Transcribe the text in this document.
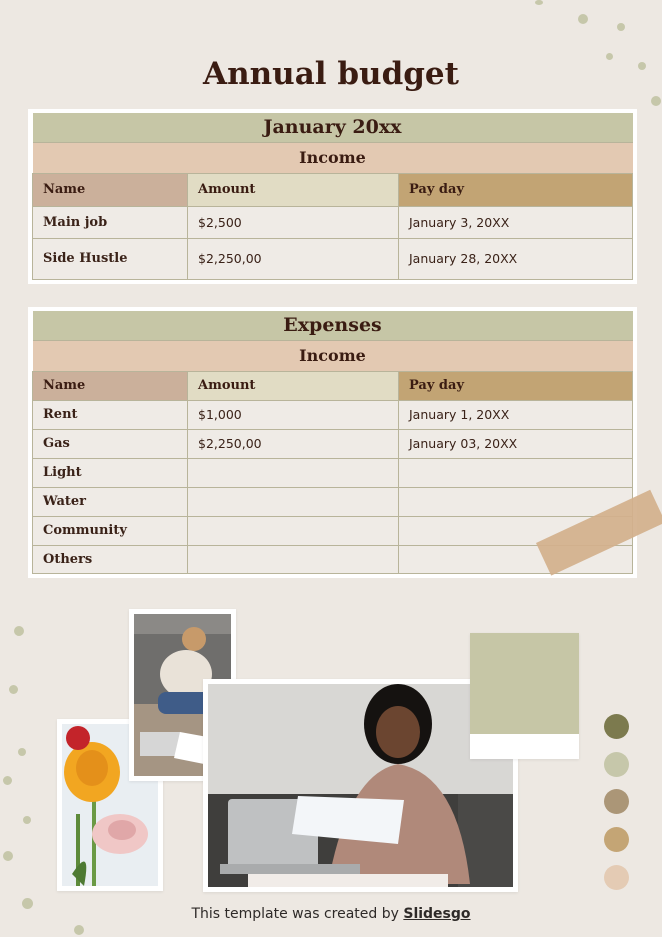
Annual budget
January 20xx		
Income		
Name	Amount	Pay day
Main job	$2,500	January 3, 20XX
Side Hustle	$2,250,00	January 28, 20XX
Expenses		
Income		
Name	Amount	Pay day
Rent	$1,000	January 1, 20XX
Gas	$2,250,00	January 03, 20XX
Light		
Water		
Community		
Others		
This template was created by Slidesgo
